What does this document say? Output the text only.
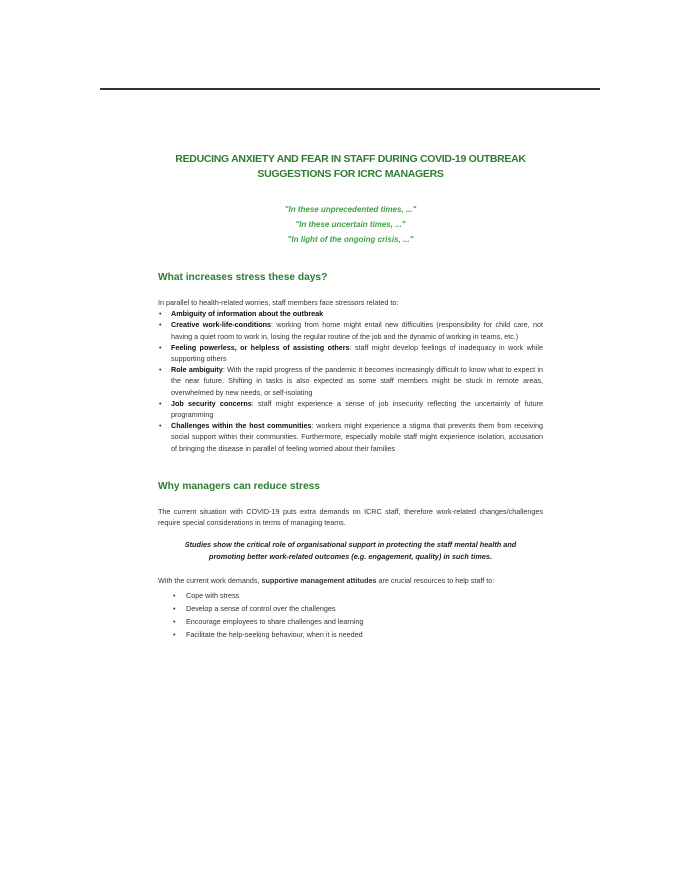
REDUCING ANXIETY AND FEAR IN STAFF DURING COVID-19 OUTBREAK
SUGGESTIONS FOR ICRC MANAGERS
"In these unprecedented times, ..."
"In these uncertain times, ..."
"In light of the ongoing crisis, ..."
What increases stress these days?
In parallel to health-related worries, staff members face stressors related to:
• Ambiguity of information about the outbreak
• Creative work-life-conditions: working from home might entail new difficulties (responsibility for child care, not having a quiet room to work in, losing the regular routine of the job and the dynamic of working in teams, etc.)
• Feeling powerless, or helpless of assisting others: staff might develop feelings of inadequacy in work while supporting others
• Role ambiguity: With the rapid progress of the pandemic it becomes increasingly difficult to know what to expect in the near future. Shifting in tasks is also expected as some staff members might be stuck in remote areas, overwhelmed by new needs, or self-isolating
• Job security concerns: staff might experience a sense of job insecurity reflecting the uncertainty of future programming
• Challenges within the host communities: workers might experience a stigma that prevents them from receiving social support within their communities. Furthermore, especially mobile staff might experience isolation, accusation of bringing the disease in parallel of feeling worried about their families
Why managers can reduce stress
The current situation with COVID-19 puts extra demands on ICRC staff, therefore work-related changes/challenges require special considerations in terms of managing teams.
Studies show the critical role of organisational support in protecting the staff mental health and promoting better work-related outcomes (e.g. engagement, quality) in such times.
With the current work demands, supportive management attitudes are crucial resources to help staff to:
• Cope with stress
• Develop a sense of control over the challenges
• Encourage employees to share challenges and learning
• Facilitate the help-seeking behaviour, when it is needed
